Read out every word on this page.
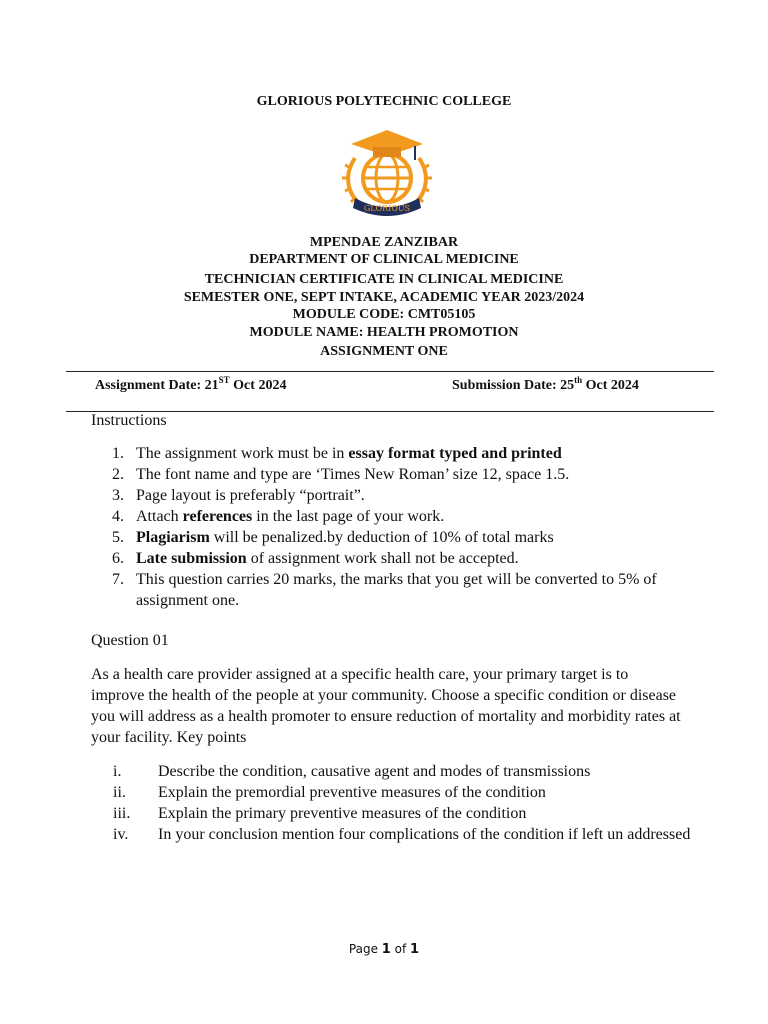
GLORIOUS POLYTECHNIC COLLEGE
GLORIOUS
MPENDAE ZANZIBAR
DEPARTMENT OF CLINICAL MEDICINE
TECHNICIAN CERTIFICATE IN CLINICAL MEDICINE
SEMESTER ONE, SEPT INTAKE, ACADEMIC YEAR 2023/2024
MODULE CODE: CMT05105
MODULE NAME: HEALTH PROMOTION
ASSIGNMENT ONE
Assignment Date: 21ST Oct 2024	Submission Date: 25th Oct 2024
Instructions
1. The assignment work must be in essay format typed and printed
2. The font name and type are ‘Times New Roman’ size 12, space 1.5.
3. Page layout is preferably “portrait”.
4. Attach references in the last page of your work.
5. Plagiarism will be penalized.by deduction of 10% of total marks
6. Late submission of assignment work shall not be accepted.
7. This question carries 20 marks, the marks that you get will be converted to 5% of assignment one.
Question 01
As a health care provider assigned at a specific health care, your primary target is to improve the health of the people at your community. Choose a specific condition or disease you will address as a health promoter to ensure reduction of mortality and morbidity rates at your facility. Key points
i. Describe the condition, causative agent and modes of transmissions
ii. Explain the premordial preventive measures of the condition
iii. Explain the primary preventive measures of the condition
iv. In your conclusion mention four complications of the condition if left un addressed
Page 1 of 1
